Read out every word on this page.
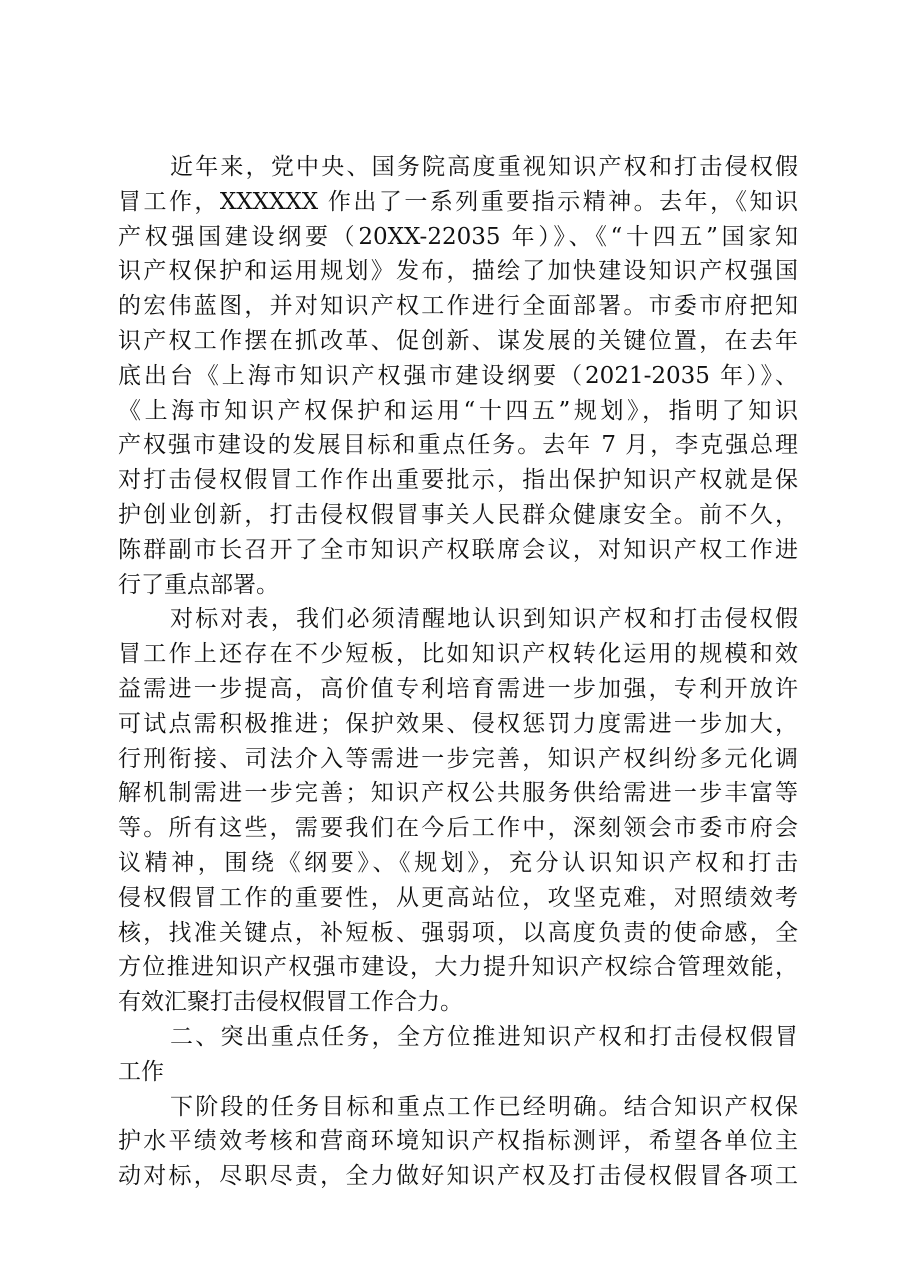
近年来，党中央、国务院高度重视知识产权和打击侵权假
冒工作，XXXXXX 作出了一系列重要指示精神。去年，《知识
产权强国建设纲要（20XX-22035 年）》、《“十四五”国家知
识产权保护和运用规划》发布，描绘了加快建设知识产权强国
的宏伟蓝图，并对知识产权工作进行全面部署。市委市府把知
识产权工作摆在抓改革、促创新、谋发展的关键位置，在去年
底出台《上海市知识产权强市建设纲要（2021-2035 年）》、
《上海市知识产权保护和运用“十四五”规划》，指明了知识
产权强市建设的发展目标和重点任务。去年 7 月，李克强总理
对打击侵权假冒工作作出重要批示，指出保护知识产权就是保
护创业创新，打击侵权假冒事关人民群众健康安全。前不久，
陈群副市长召开了全市知识产权联席会议，对知识产权工作进
行了重点部署。
对标对表，我们必须清醒地认识到知识产权和打击侵权假
冒工作上还存在不少短板，比如知识产权转化运用的规模和效
益需进一步提高，高价值专利培育需进一步加强，专利开放许
可试点需积极推进；保护效果、侵权惩罚力度需进一步加大，
行刑衔接、司法介入等需进一步完善，知识产权纠纷多元化调
解机制需进一步完善；知识产权公共服务供给需进一步丰富等
等。所有这些，需要我们在今后工作中，深刻领会市委市府会
议精神，围绕《纲要》、《规划》，充分认识知识产权和打击
侵权假冒工作的重要性，从更高站位，攻坚克难，对照绩效考
核，找准关键点，补短板、强弱项，以高度负责的使命感，全
方位推进知识产权强市建设，大力提升知识产权综合管理效能，
有效汇聚打击侵权假冒工作合力。
二、突出重点任务，全方位推进知识产权和打击侵权假冒
工作
下阶段的任务目标和重点工作已经明确。结合知识产权保
护水平绩效考核和营商环境知识产权指标测评，希望各单位主
动对标，尽职尽责，全力做好知识产权及打击侵权假冒各项工
